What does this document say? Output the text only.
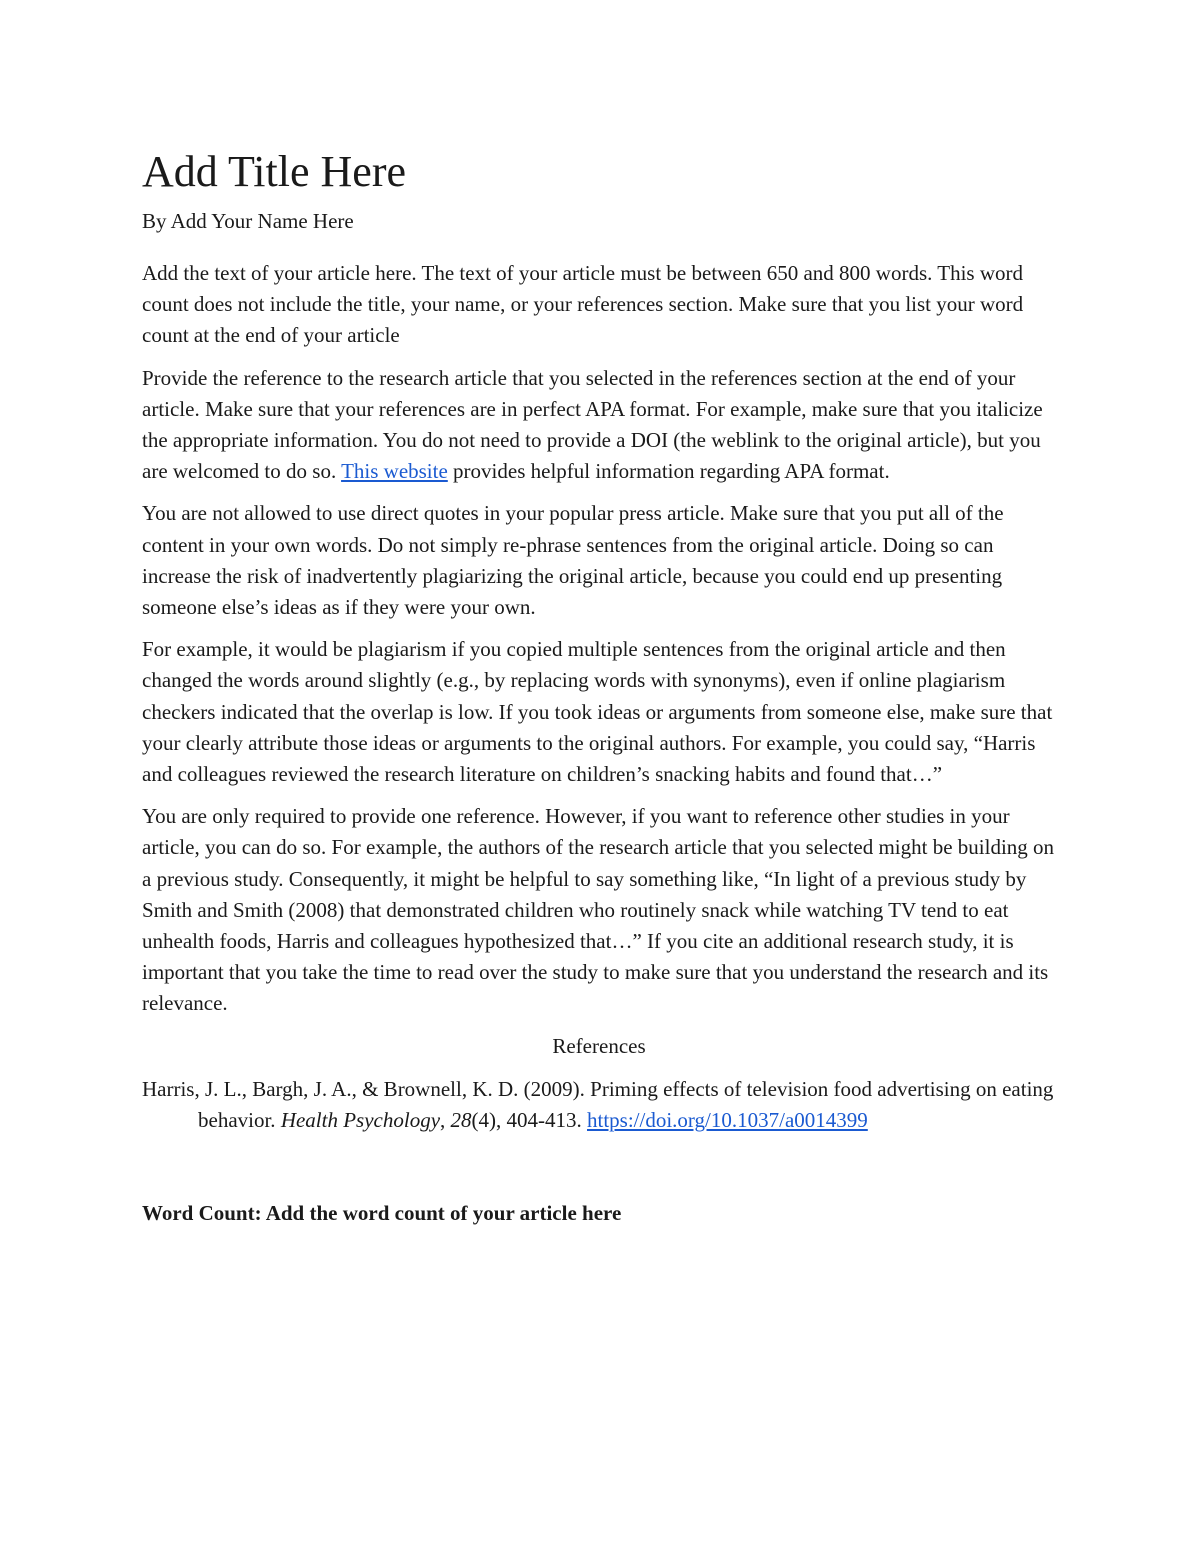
Add Title Here

By Add Your Name Here

Add the text of your article here. The text of your article must be between 650 and 800 words. This word count does not include the title, your name, or your references section. Make sure that you list your word count at the end of your article

Provide the reference to the research article that you selected in the references section at the end of your article. Make sure that your references are in perfect APA format. For example, make sure that you italicize the appropriate information. You do not need to provide a DOI (the weblink to the original article), but you are welcomed to do so. This website provides helpful information regarding APA format.

You are not allowed to use direct quotes in your popular press article. Make sure that you put all of the content in your own words. Do not simply re-phrase sentences from the original article. Doing so can increase the risk of inadvertently plagiarizing the original article, because you could end up presenting someone else’s ideas as if they were your own.

For example, it would be plagiarism if you copied multiple sentences from the original article and then changed the words around slightly (e.g., by replacing words with synonyms), even if online plagiarism checkers indicated that the overlap is low. If you took ideas or arguments from someone else, make sure that your clearly attribute those ideas or arguments to the original authors. For example, you could say, “Harris and colleagues reviewed the research literature on children’s snacking habits and found that…”

You are only required to provide one reference. However, if you want to reference other studies in your article, you can do so. For example, the authors of the research article that you selected might be building on a previous study. Consequently, it might be helpful to say something like, “In light of a previous study by Smith and Smith (2008) that demonstrated children who routinely snack while watching TV tend to eat unhealth foods, Harris and colleagues hypothesized that…” If you cite an additional research study, it is important that you take the time to read over the study to make sure that you understand the research and its relevance.

References

Harris, J. L., Bargh, J. A., & Brownell, K. D. (2009). Priming effects of television food advertising on eating behavior. Health Psychology, 28(4), 404-413. https://doi.org/10.1037/a0014399

Word Count: Add the word count of your article here
